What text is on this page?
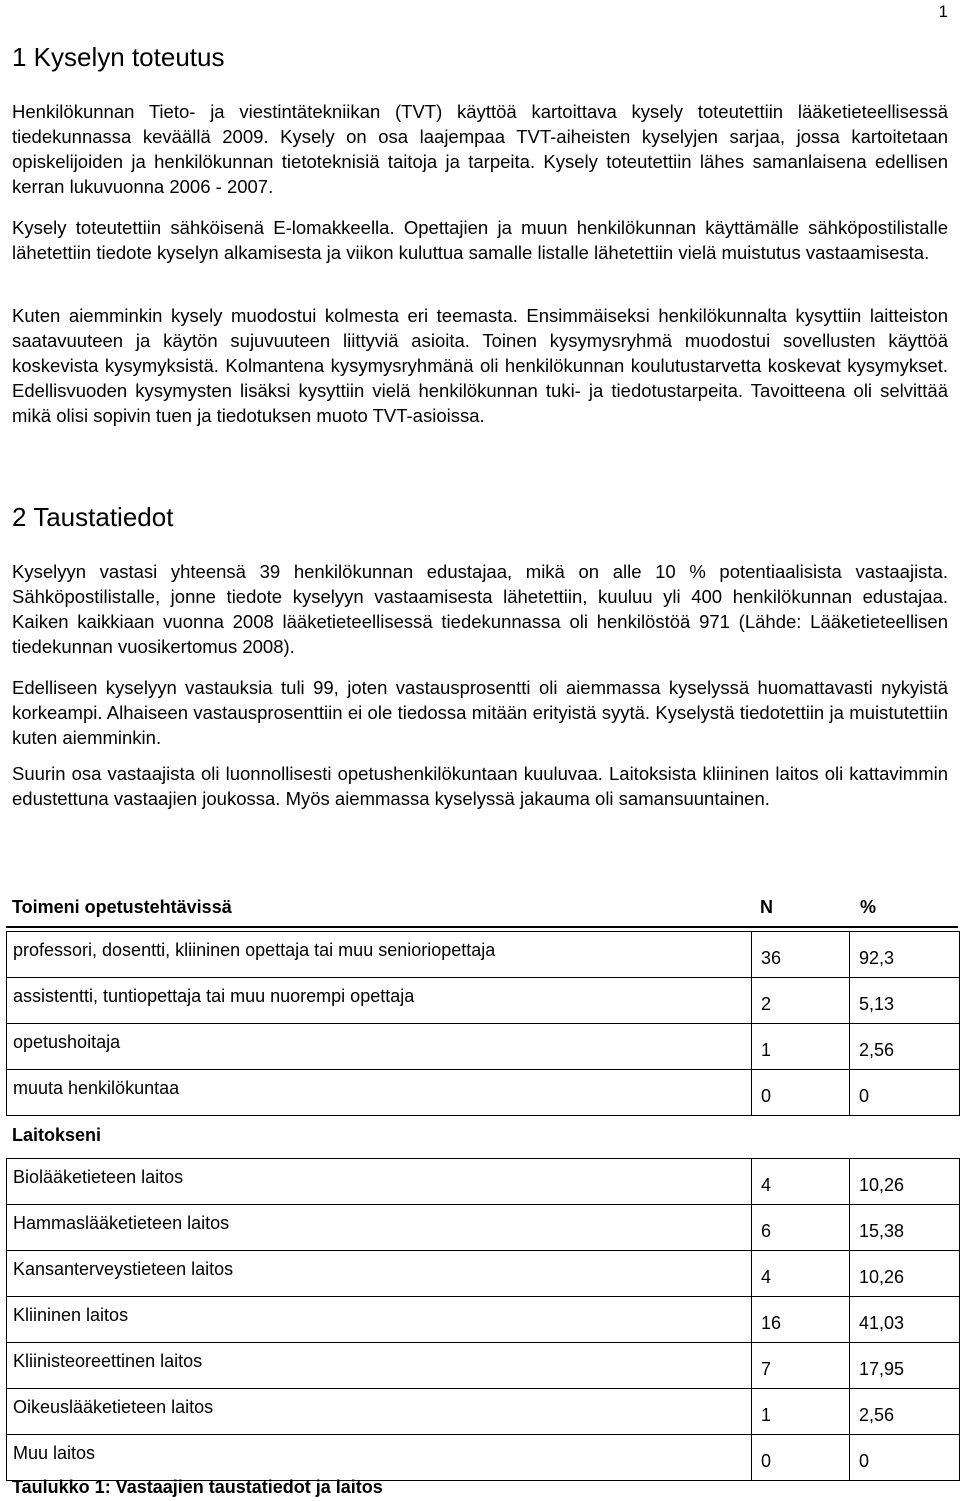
1
1 Kyselyn toteutus

Henkilökunnan Tieto- ja viestintätekniikan (TVT) käyttöä kartoittava kysely toteutettiin lääketieteellisessä tiedekunnassa keväällä 2009. Kysely on osa laajempaa TVT-aiheisten kyselyjen sarjaa, jossa kartoitetaan opiskelijoiden ja henkilökunnan tietoteknisiä taitoja ja tarpeita. Kysely toteutettiin lähes samanlaisena edellisen kerran lukuvuonna 2006 - 2007.

Kysely toteutettiin sähköisenä E-lomakkeella. Opettajien ja muun henkilökunnan käyttämälle sähköpostilistalle lähetettiin tiedote kyselyn alkamisesta ja viikon kuluttua samalle listalle lähetettiin vielä muistutus vastaamisesta.

Kuten aiemminkin kysely muodostui kolmesta eri teemasta. Ensimmäiseksi henkilökunnalta kysyttiin laitteiston saatavuuteen ja käytön sujuvuuteen liittyviä asioita. Toinen kysymysryhmä muodostui sovellusten käyttöä koskevista kysymyksistä. Kolmantena kysymysryhmänä oli henkilökunnan koulutustarvetta koskevat kysymykset. Edellisvuoden kysymysten lisäksi kysyttiin vielä henkilökunnan tuki- ja tiedotustarpeita. Tavoitteena oli selvittää mikä olisi sopivin tuen ja tiedotuksen muoto TVT-asioissa.

2 Taustatiedot

Kyselyyn vastasi yhteensä 39 henkilökunnan edustajaa, mikä on alle 10 % potentiaalisista vastaajista. Sähköpostilistalle, jonne tiedote kyselyyn vastaamisesta lähetettiin, kuuluu yli 400 henkilökunnan edustajaa. Kaiken kaikkiaan vuonna 2008 lääketieteellisessä tiedekunnassa oli henkilöstöä 971 (Lähde: Lääketieteellisen tiedekunnan vuosikertomus 2008).

Edelliseen kyselyyn vastauksia tuli 99, joten vastausprosentti oli aiemmassa kyselyssä huomattavasti nykyistä korkeampi. Alhaiseen vastausprosenttiin ei ole tiedossa mitään erityistä syytä. Kyselystä tiedotettiin ja muistutettiin kuten aiemminkin.

Suurin osa vastaajista oli luonnollisesti opetushenkilökuntaan kuuluvaa. Laitoksista kliininen laitos oli kattavimmin edustettuna vastaajien joukossa. Myös aiemmassa kyselyssä jakauma oli samansuuntainen.

Toimeni opetustehtävissä	N	%
professori, dosentti, kliininen opettaja tai muu senioriopettaja	36	92,3
assistentti, tuntiopettaja tai muu nuorempi opettaja	2	5,13
opetushoitaja	1	2,56
muuta henkilökuntaa	0	0
Laitokseni
Biolääketieteen laitos	4	10,26
Hammaslääketieteen laitos	6	15,38
Kansanterveystieteen laitos	4	10,26
Kliininen laitos	16	41,03
Kliinisteoreettinen laitos	7	17,95
Oikeuslääketieteen laitos	1	2,56
Muu laitos	0	0
Taulukko 1: Vastaajien taustatiedot ja laitos
